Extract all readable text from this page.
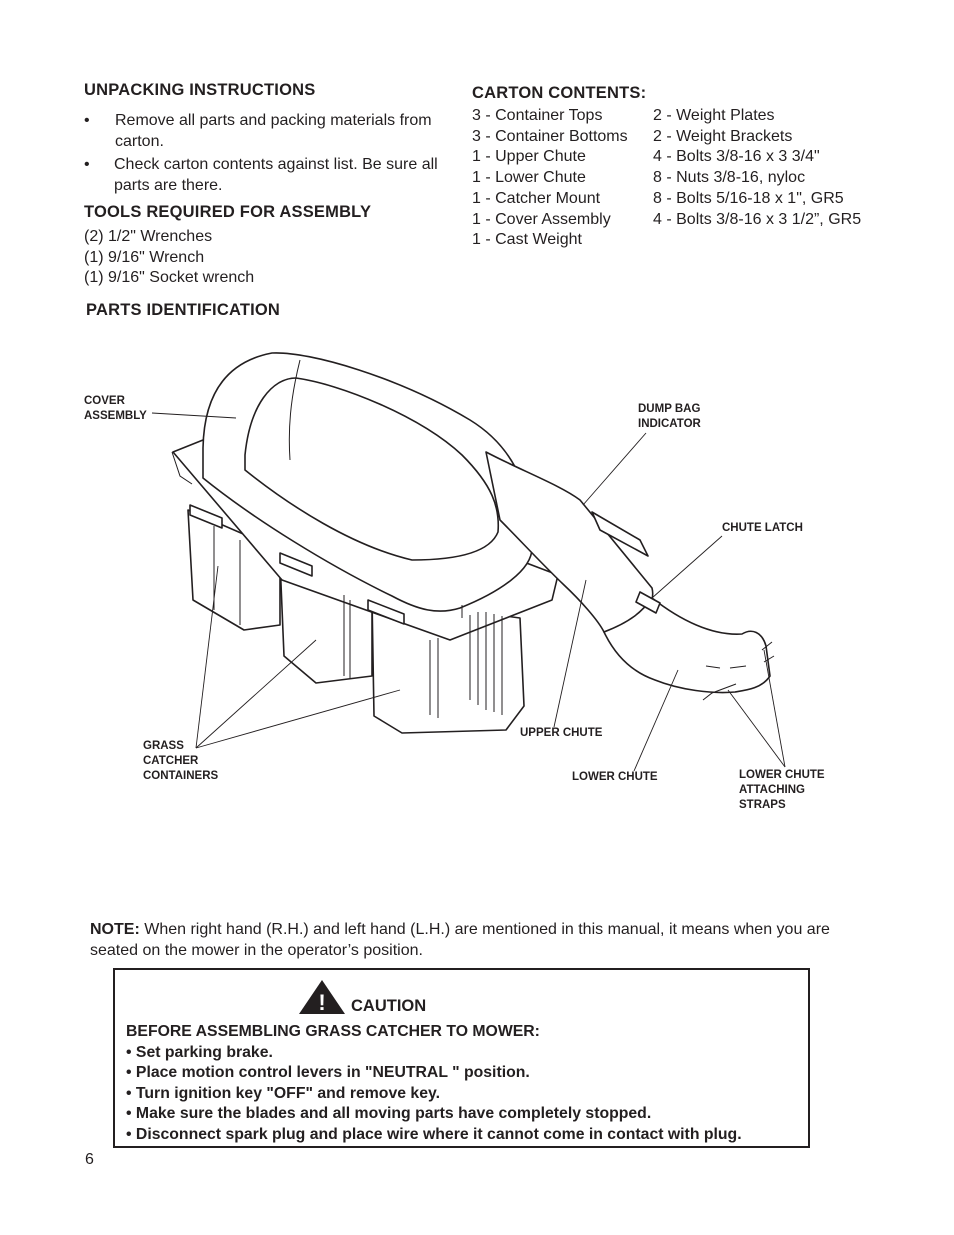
UNPACKING INSTRUCTIONS
• Remove all parts and packing materials from carton.
• Check carton contents against list. Be sure all parts are there.
TOOLS REQUIRED FOR ASSEMBLY
(2) 1/2" Wrenches
(1) 9/16" Wrench
(1) 9/16" Socket wrench
CARTON CONTENTS:
3 - Container Tops
3 - Container Bottoms
1 - Upper Chute
1 - Lower Chute
1 - Catcher Mount
1 - Cover Assembly
1 - Cast Weight
2 - Weight Plates
2 - Weight Brackets
4 - Bolts 3/8-16 x 3 3/4"
8 - Nuts 3/8-16, nyloc
8 - Bolts 5/16-18 x 1", GR5
4 - Bolts 3/8-16 x 3 1/2”, GR5
PARTS IDENTIFICATION
COVER
ASSEMBLY
DUMP BAG
INDICATOR
CHUTE LATCH
GRASS
CATCHER
CONTAINERS
UPPER CHUTE
LOWER CHUTE	LOWER CHUTE
ATTACHING
STRAPS
NOTE: When right hand (R.H.) and left hand (L.H.) are mentioned in this manual, it means when you are seated on the mower in the operator’s position.
! CAUTION
BEFORE ASSEMBLING GRASS CATCHER TO MOWER:
• Set parking brake.
• Place motion control levers in "NEUTRAL " position.
• Turn ignition key "OFF" and remove key.
• Make sure the blades and all moving parts have completely stopped.
• Disconnect spark plug and place wire where it cannot come in contact with plug.
6
